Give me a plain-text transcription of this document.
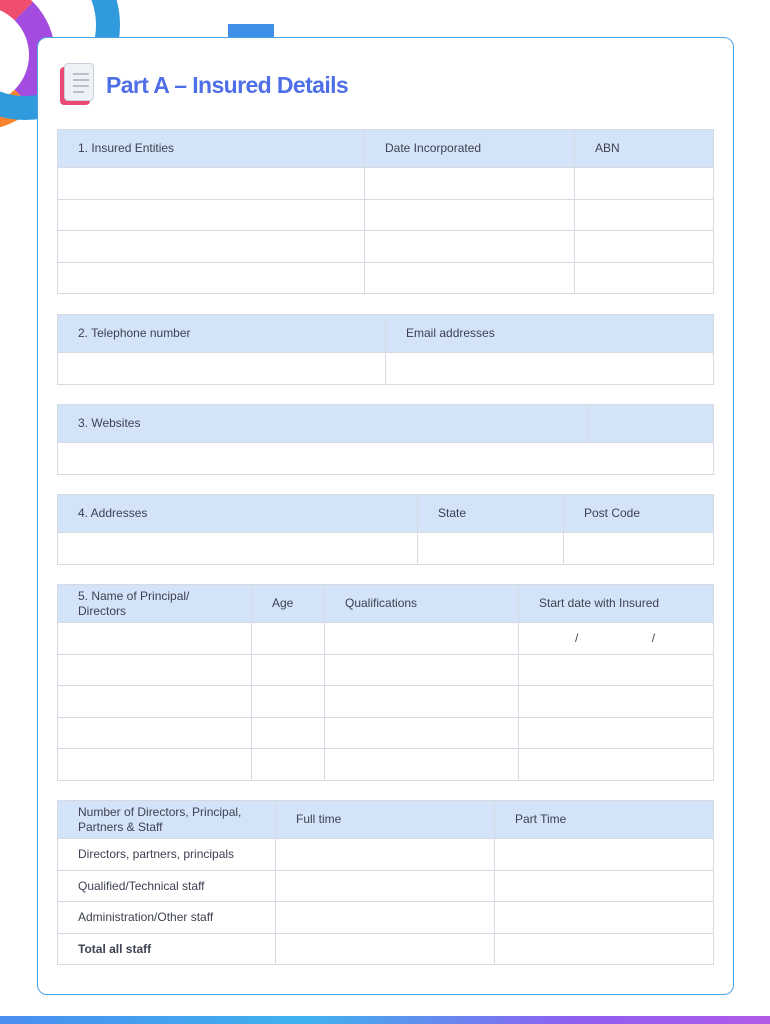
Part A – Insured Details
1. Insured Entities	Date Incorporated	ABN

2. Telephone number	Email addresses

3. Websites	

4. Addresses	State	Post Code

5. Name of Principal/ Directors	Age	Qualifications	Start date with Insured
			/ /

Number of Directors, Principal, Partners & Staff	Full time	Part Time
Directors, partners, principals		
Qualified/Technical staff		
Administration/Other staff		
Total all staff		
